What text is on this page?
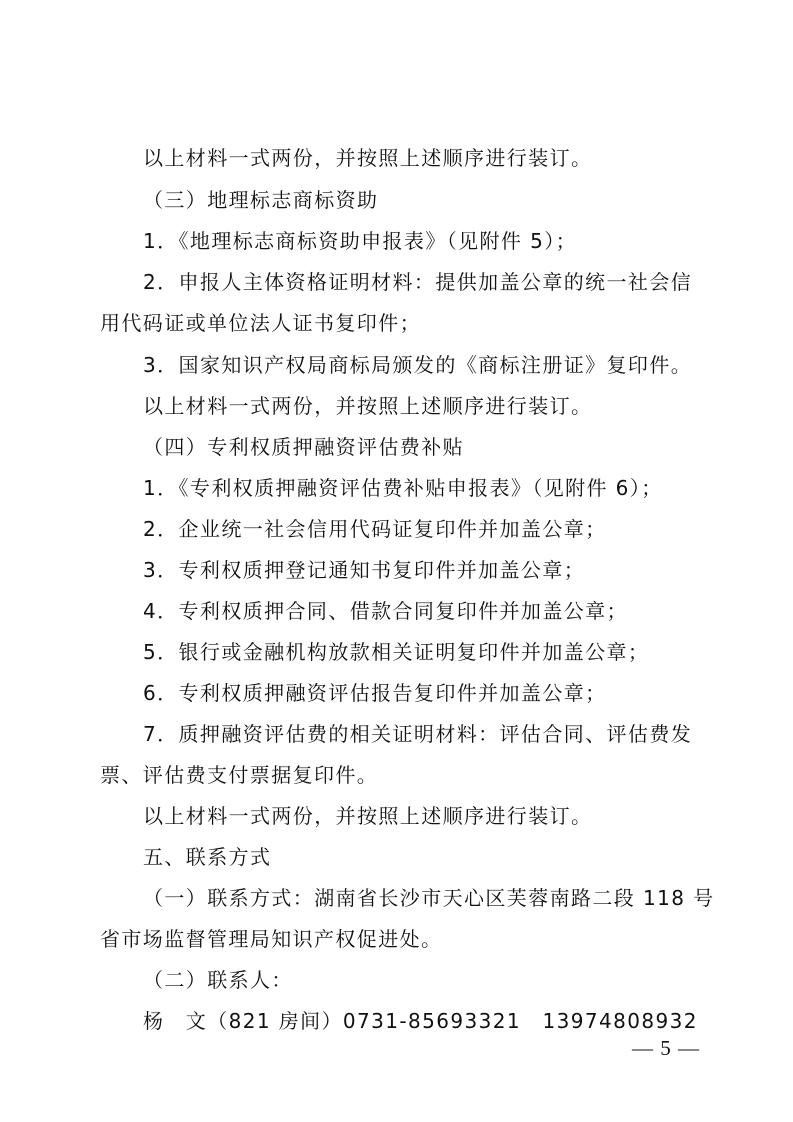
以上材料一式两份，并按照上述顺序进行装订。
（三）地理标志商标资助
1．《地理标志商标资助申报表》（见附件 5）；
2．申报人主体资格证明材料：提供加盖公章的统一社会信
用代码证或单位法人证书复印件；
3．国家知识产权局商标局颁发的《商标注册证》复印件。
以上材料一式两份，并按照上述顺序进行装订。
（四）专利权质押融资评估费补贴
1．《专利权质押融资评估费补贴申报表》（见附件 6）；
2．企业统一社会信用代码证复印件并加盖公章；
3．专利权质押登记通知书复印件并加盖公章；
4．专利权质押合同、借款合同复印件并加盖公章；
5．银行或金融机构放款相关证明复印件并加盖公章；
6．专利权质押融资评估报告复印件并加盖公章；
7．质押融资评估费的相关证明材料：评估合同、评估费发
票、评估费支付票据复印件。
以上材料一式两份，并按照上述顺序进行装订。
五、联系方式
（一）联系方式：湖南省长沙市天心区芙蓉南路二段 118 号
省市场监督管理局知识产权促进处。
（二）联系人：
杨　文（821 房间）0731-85693321　13974808932
— 5 —
